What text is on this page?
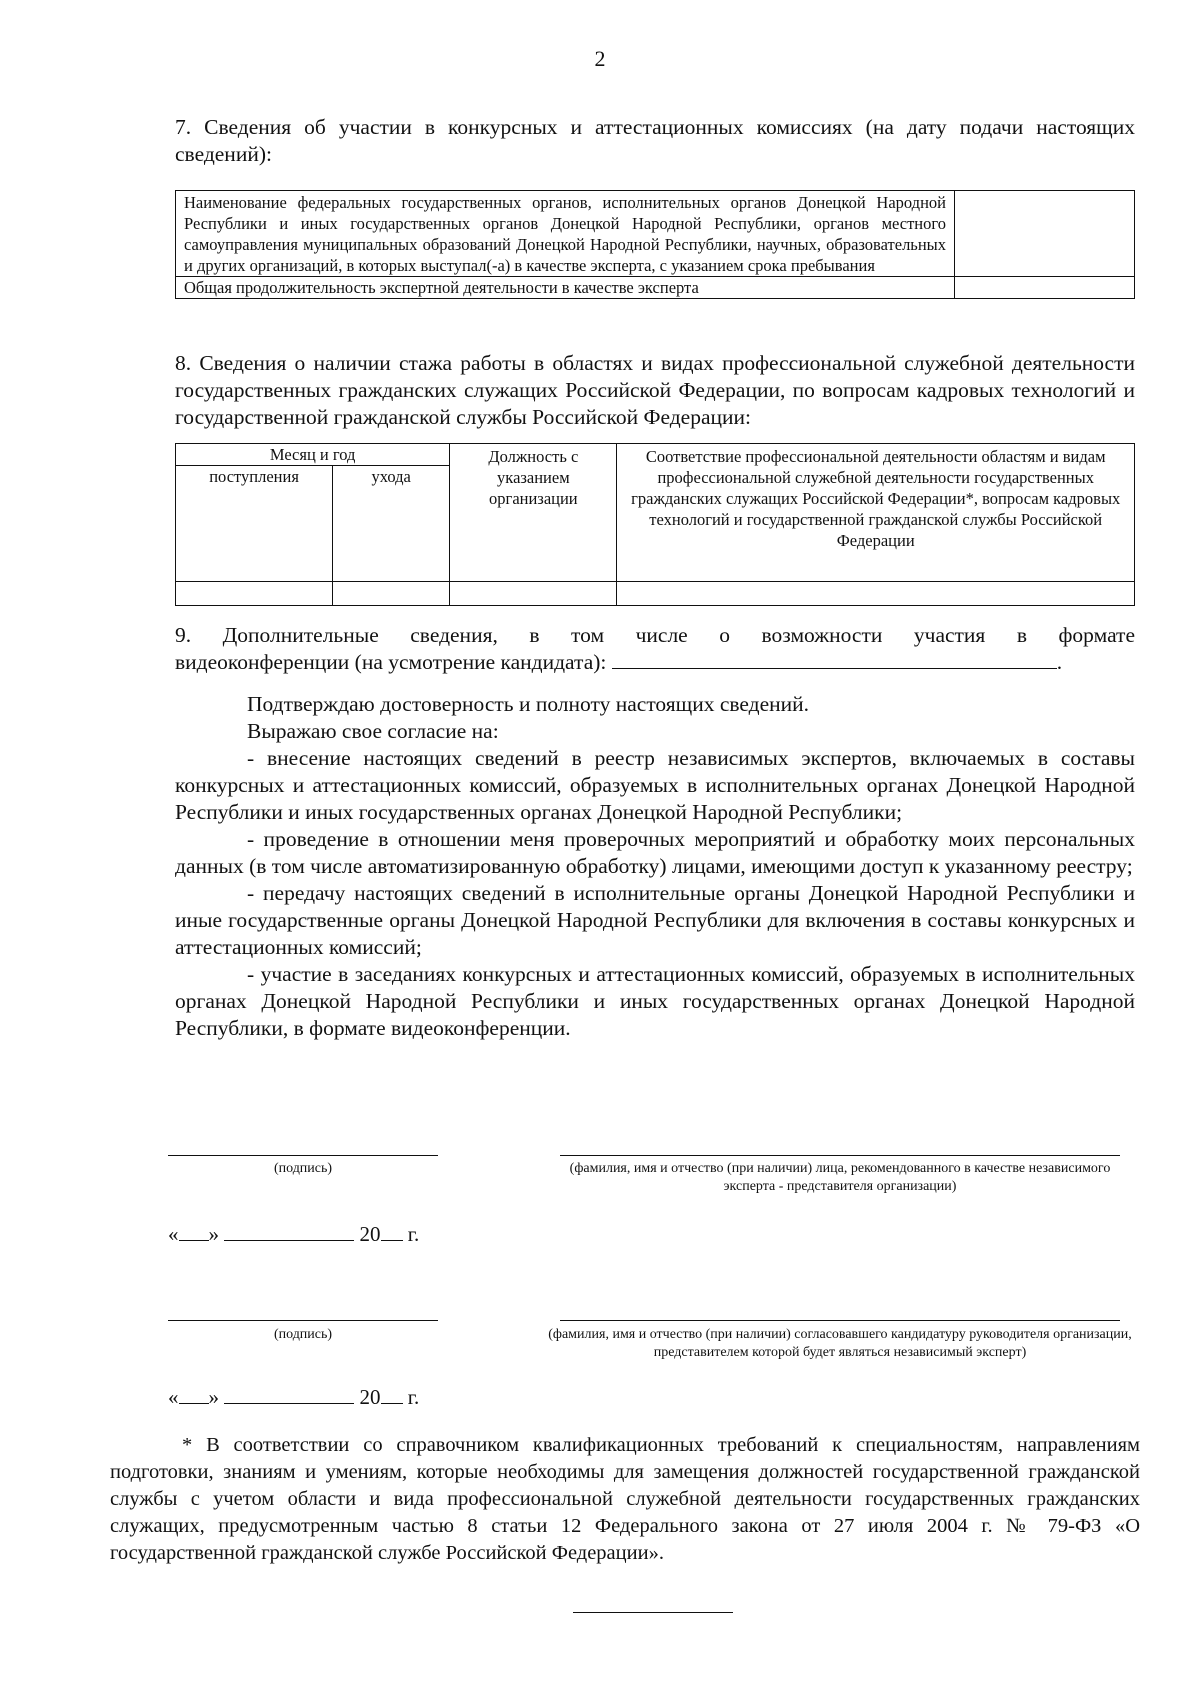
2
7. Сведения об участии в конкурсных и аттестационных комиссиях (на дату подачи настоящих сведений):
Наименование федеральных государственных органов, исполнительных органов Донецкой Народной Республики и иных государственных органов Донецкой Народной Республики, органов местного самоуправления муниципальных образований Донецкой Народной Республики, научных, образовательных и других организаций, в которых выступал(-а) в качестве эксперта, с указанием срока пребывания	
Общая продолжительность экспертной деятельности в качестве эксперта	
8. Сведения о наличии стажа работы в областях и видах профессиональной служебной деятельности государственных гражданских служащих Российской Федерации, по вопросам кадровых технологий и государственной гражданской службы Российской Федерации:
Месяц и год		Должность с указанием организации	Соответствие профессиональной деятельности областям и видам профессиональной служебной деятельности государственных гражданских служащих Российской Федерации*, вопросам кадровых технологий и государственной гражданской службы Российской Федерации
поступления	ухода		

9. Дополнительные сведения, в том числе о возможности участия в формате
видеоконференции (на усмотрение кандидата):	.
Подтверждаю достоверность и полноту настоящих сведений.
Выражаю свое согласие на:
- внесение настоящих сведений в реестр независимых экспертов, включаемых в составы конкурсных и аттестационных комиссий, образуемых в исполнительных органах Донецкой Народной Республики и иных государственных органах Донецкой Народной Республики;
- проведение в отношении меня проверочных мероприятий и обработку моих персональных данных (в том числе автоматизированную обработку) лицами, имеющими доступ к указанному реестру;
- передачу настоящих сведений в исполнительные органы Донецкой Народной Республики и иные государственные органы Донецкой Народной Республики для включения в составы конкурсных и аттестационных комиссий;
- участие в заседаниях конкурсных и аттестационных комиссий, образуемых в исполнительных органах Донецкой Народной Республики и иных государственных органах Донецкой Народной Республики, в формате видеоконференции.
(подпись)	(фамилия, имя и отчество (при наличии) лица, рекомендованного в качестве независимого эксперта - представителя организации)
« »	20 г.
(подпись)	(фамилия, имя и отчество (при наличии) согласовавшего кандидатуру руководителя организации, представителем которой будет являться независимый эксперт)
« »	20 г.
* В соответствии со справочником квалификационных требований к специальностям, направлениям подготовки, знаниям и умениям, которые необходимы для замещения должностей государственной гражданской службы с учетом области и вида профессиональной служебной деятельности государственных гражданских служащих, предусмотренным частью 8 статьи 12 Федерального закона от 27 июля 2004 г. № 79-ФЗ «О государственной гражданской службе Российской Федерации».
